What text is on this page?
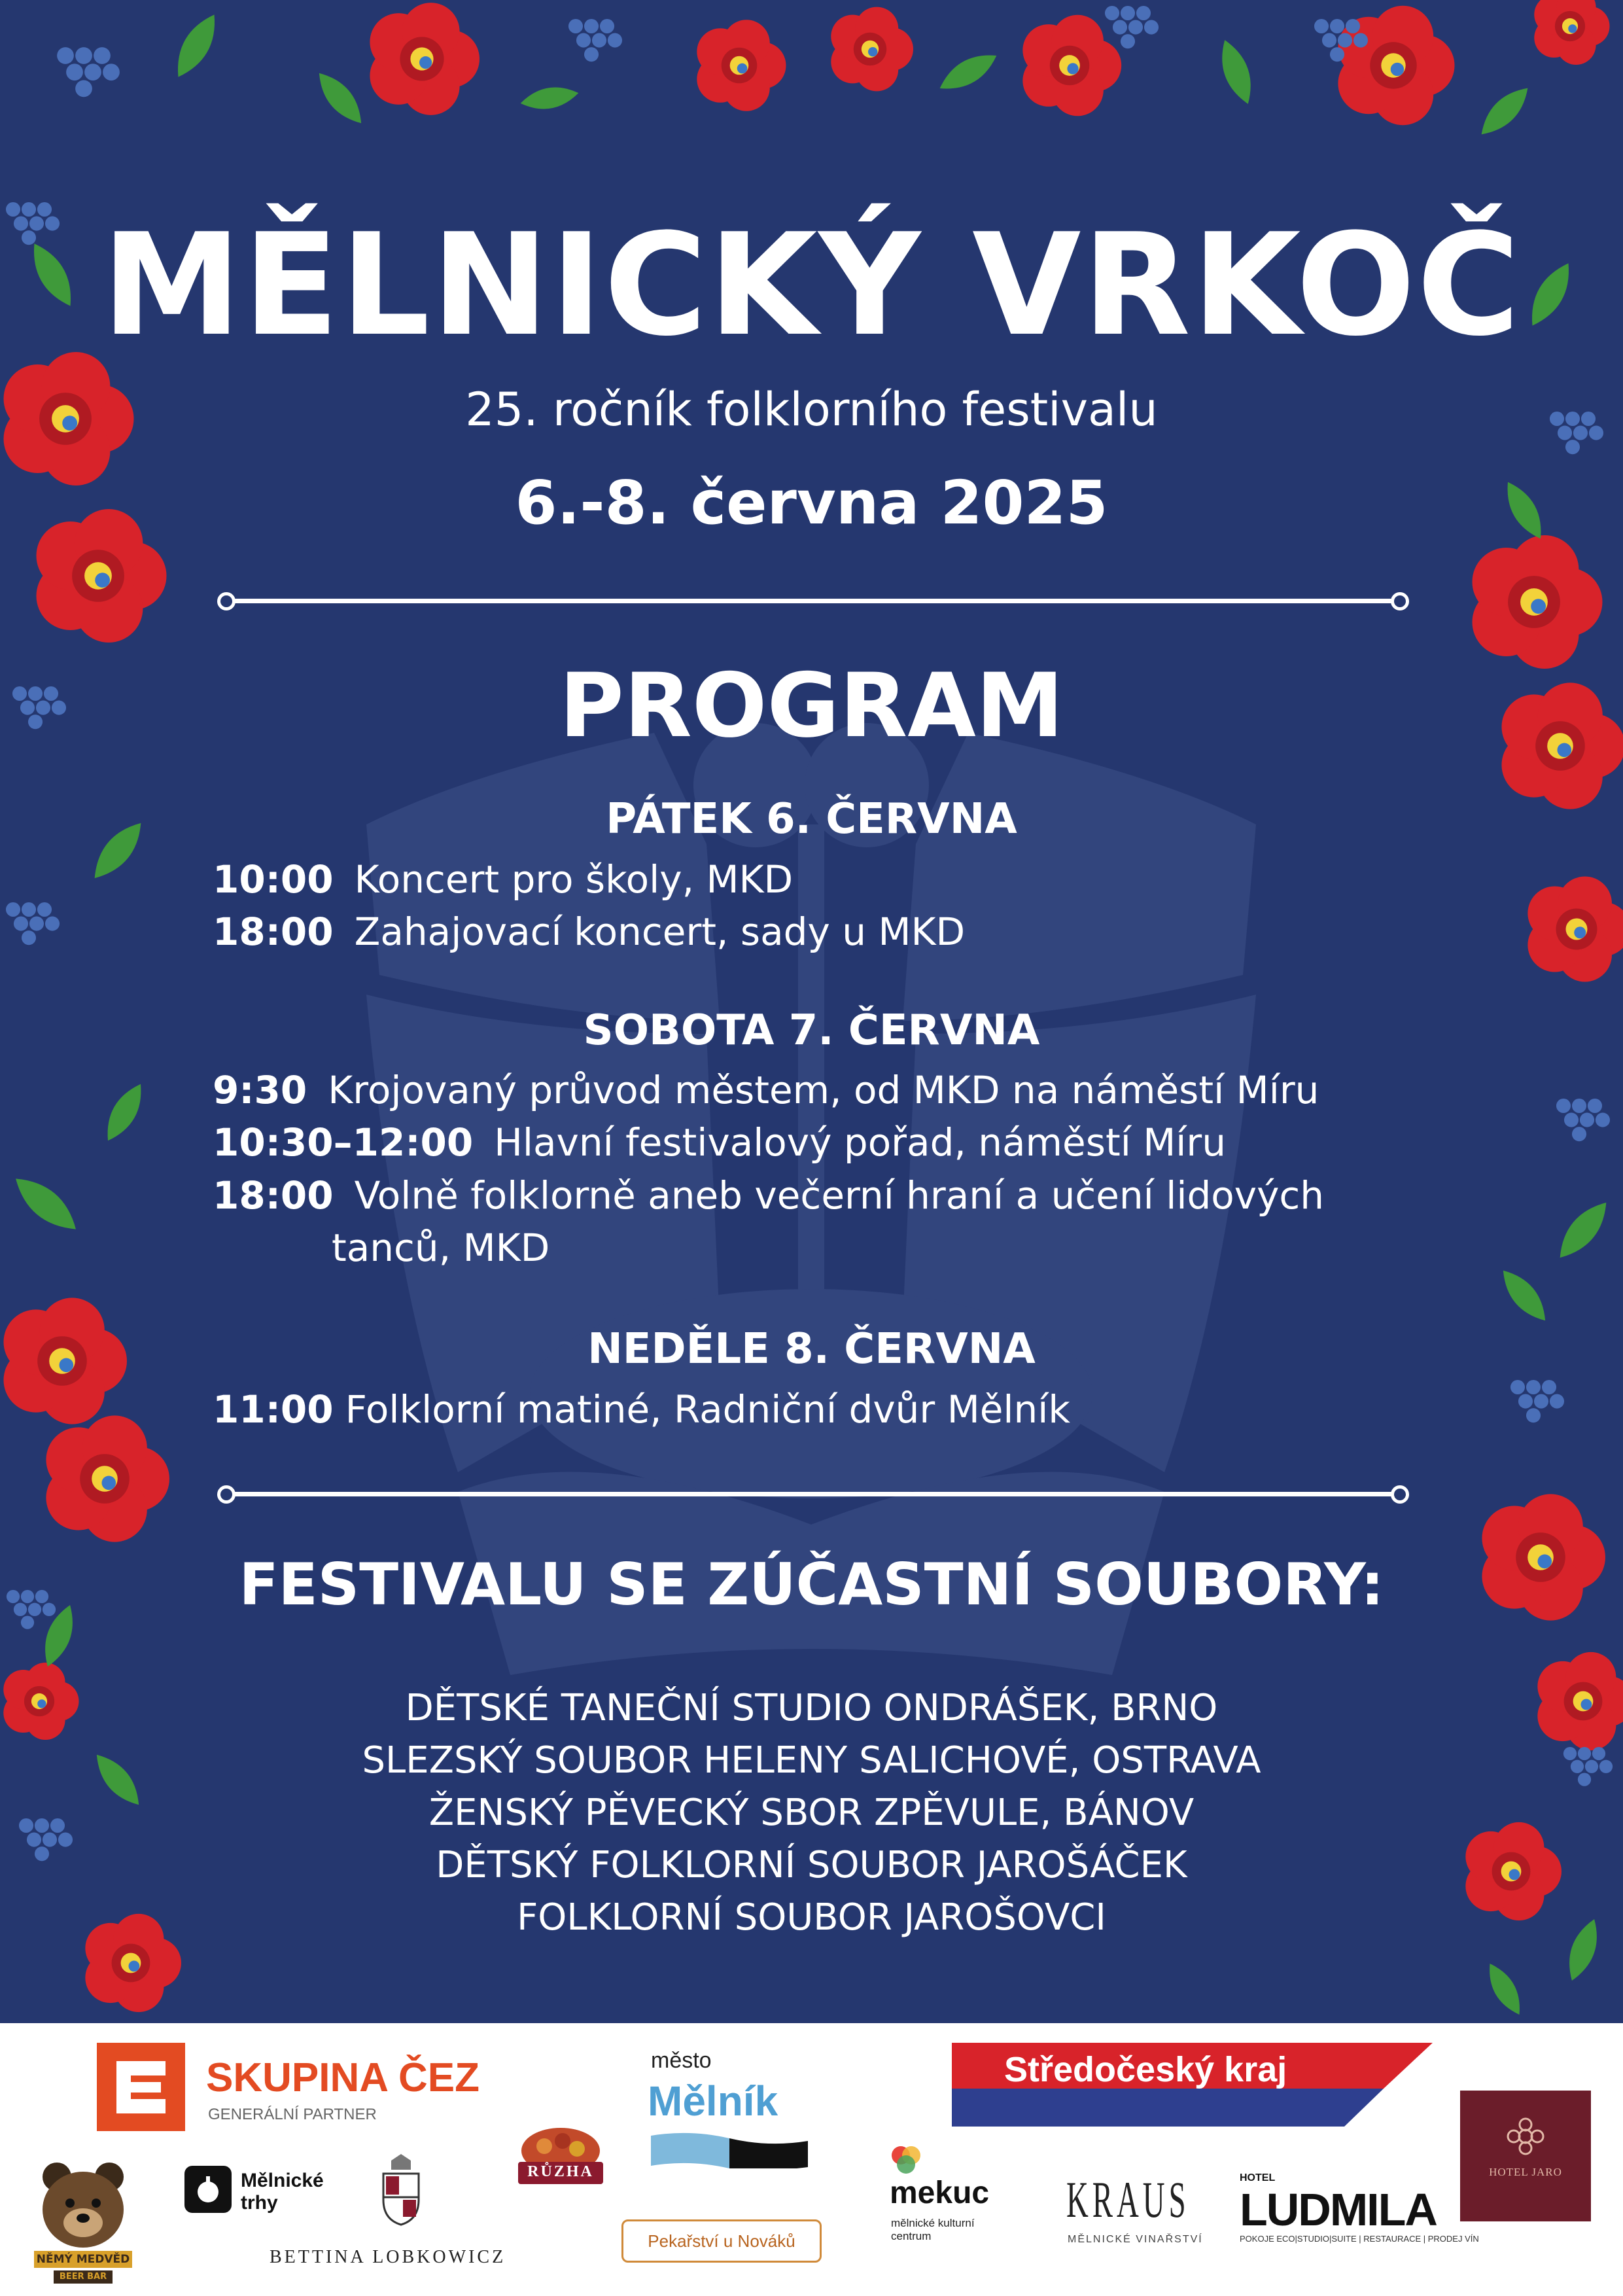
MĚLNICKÝ VRKOČ
25. ročník folklorního festivalu
6.-8. června 2025
PROGRAM
PÁTEK 6. ČERVNA
10:00 Koncert pro školy, MKD
18:00 Zahajovací koncert, sady u MKD
SOBOTA 7. ČERVNA
9:30 Krojovaný průvod městem, od MKD na náměstí Míru
10:30–12:00 Hlavní festivalový pořad, náměstí Míru
18:00 Volně folklorně aneb večerní hraní a učení lidových
tanců, MKD
NEDĚLE 8. ČERVNA
11:00 Folklorní matiné, Radniční dvůr Mělník
FESTIVALU SE ZÚČASTNÍ SOUBORY:
DĚTSKÉ TANEČNÍ STUDIO ONDRÁŠEK, BRNO
SLEZSKÝ SOUBOR HELENY SALICHOVÉ, OSTRAVA
ŽENSKÝ PĚVECKÝ SBOR ZPĚVULE, BÁNOV
DĚTSKÝ FOLKLORNÍ SOUBOR JAROŠÁČEK
FOLKLORNÍ SOUBOR JAROŠOVCI
SKUPINA ČEZ
GENERÁLNÍ PARTNER
město
Mělník
Středočeský kraj
HOTEL JARO
NĚMÝ MEDVĚD
BEER BAR
Mělnické trhy
BETTINA LOBKOWICZ
RŮZHA
Pekařství u Nováků
mekuc
mělnické kulturní centrum
KRAUS
MĚLNICKÉ VINAŘSTVÍ
HOTEL
LUDMILA
POKOJE ECO|STUDIO|SUITE | RESTAURACE | PRODEJ VÍN
